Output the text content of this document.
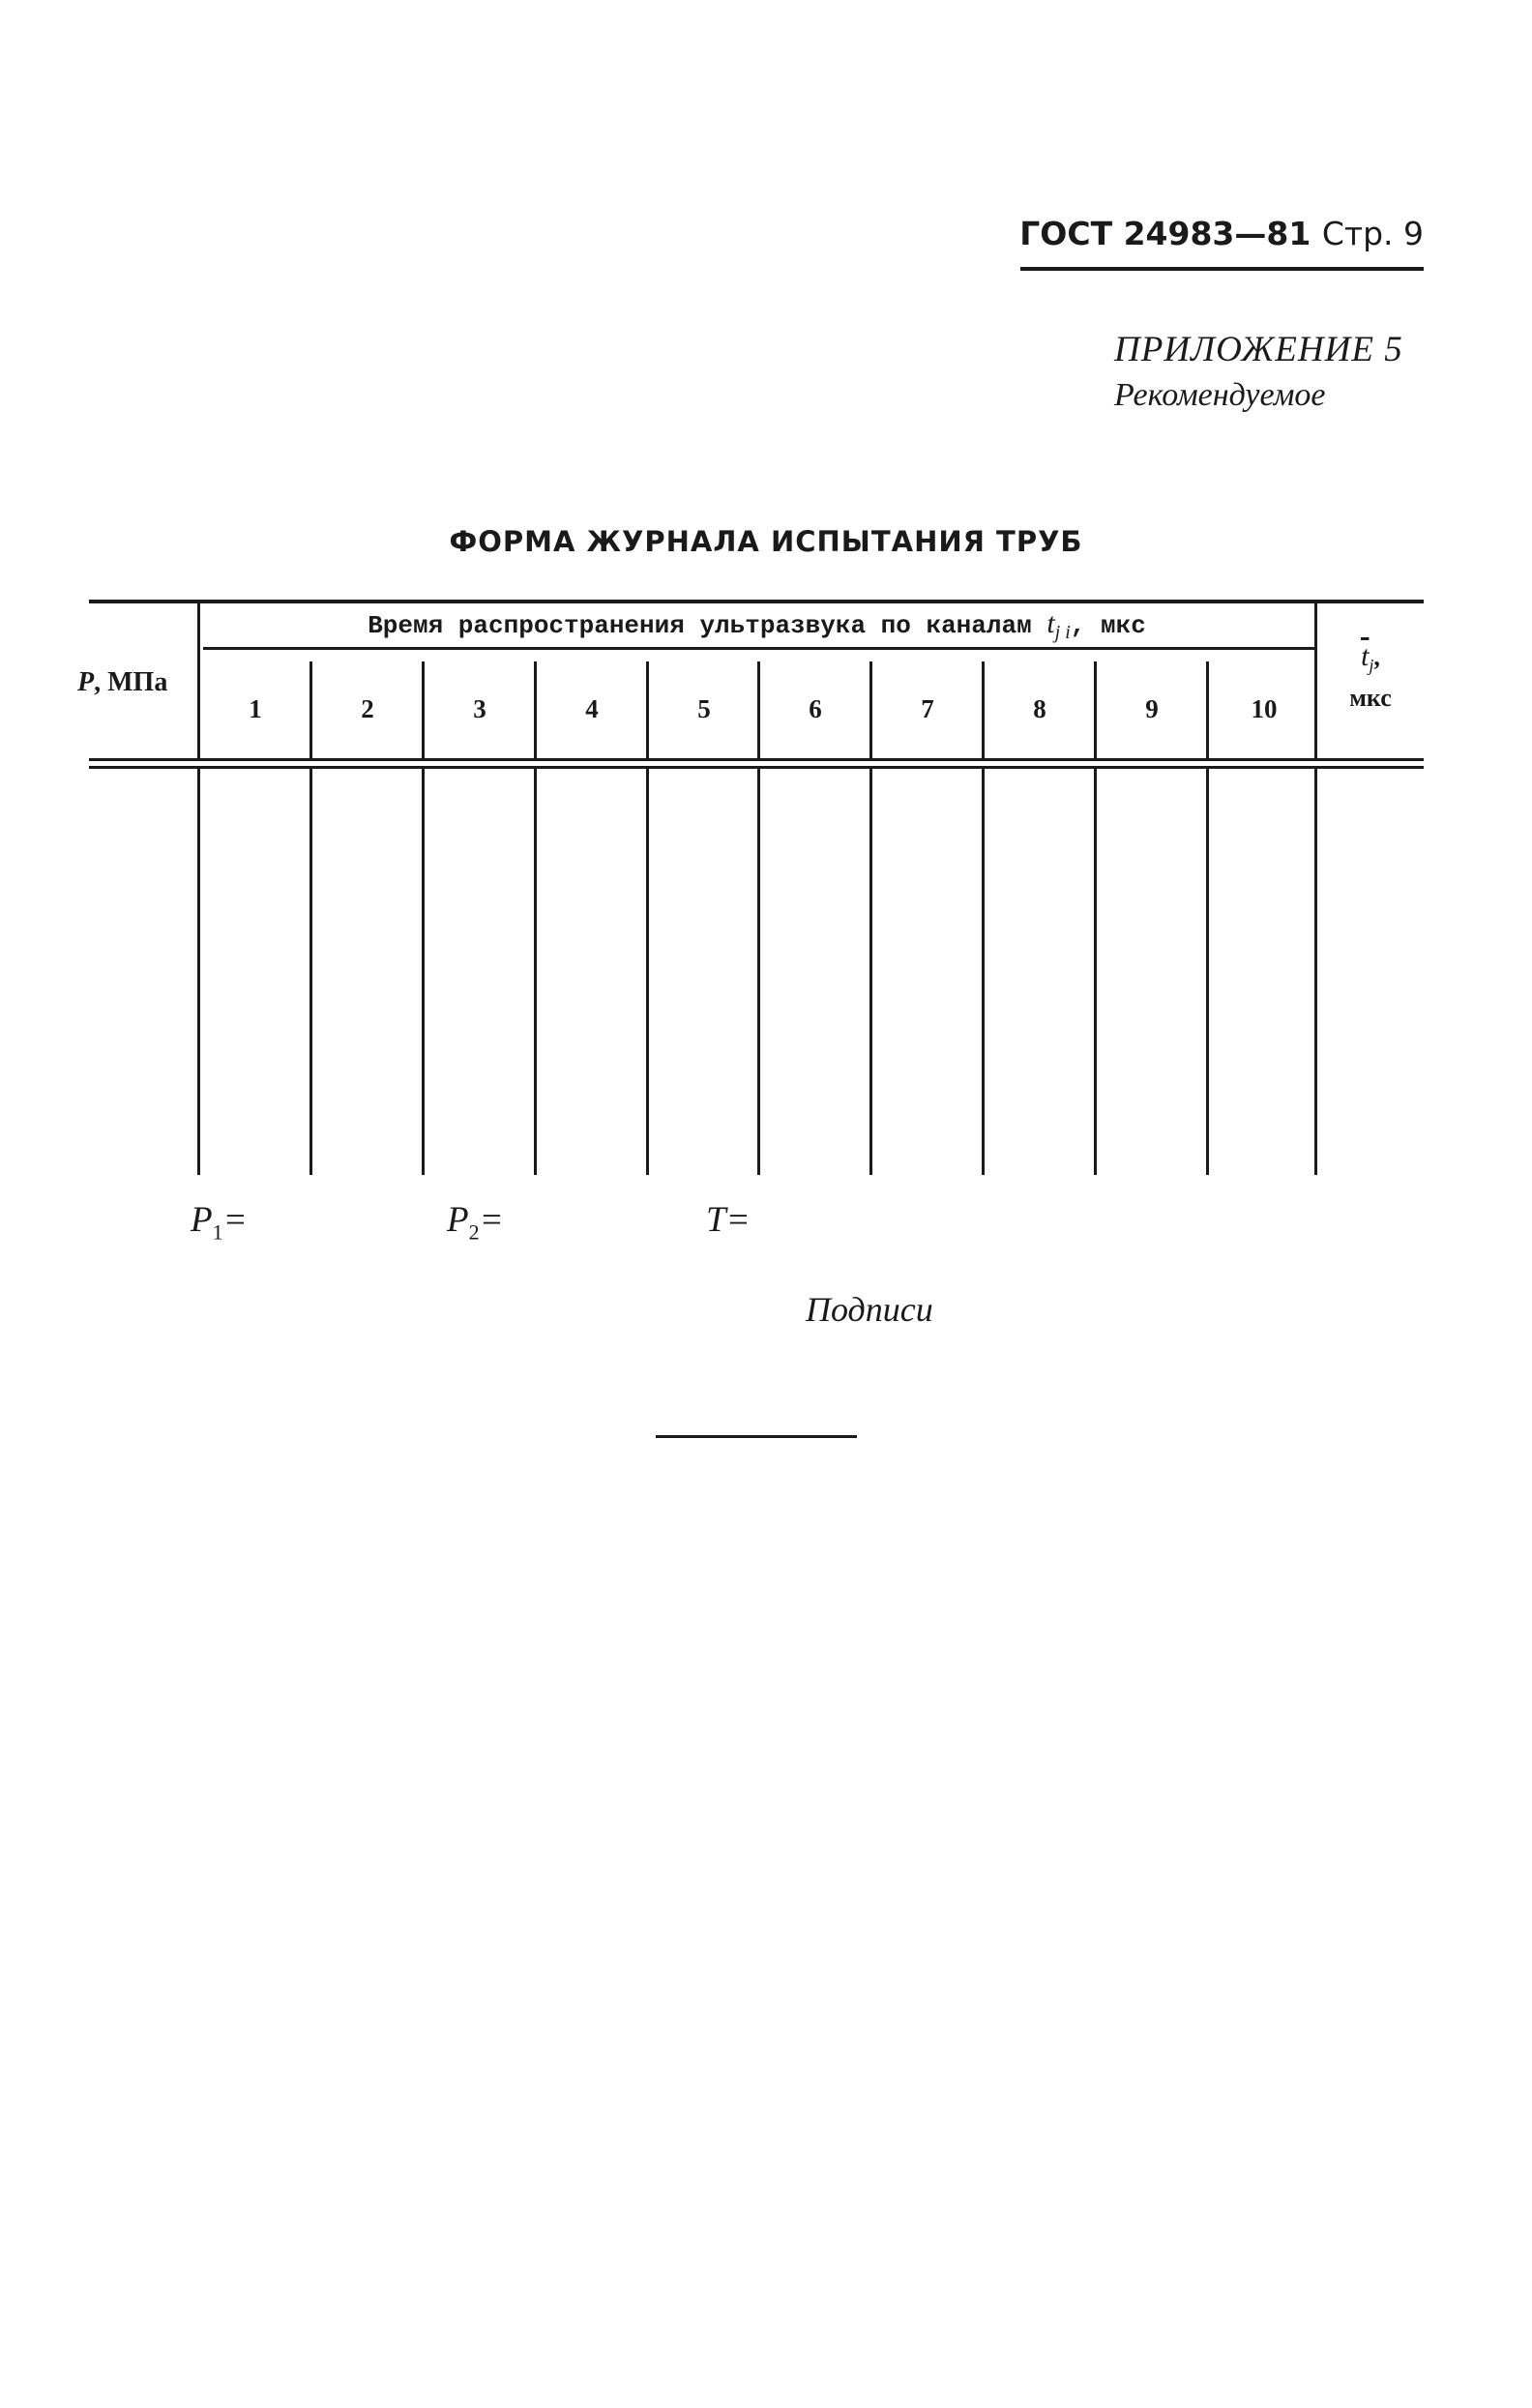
ГОСТ 24983—81 Стр. 9
ПРИЛОЖЕНИЕ 5
Рекомендуемое
ФОРМА ЖУРНАЛА ИСПЫТАНИЯ ТРУБ
P, МПа
Время распространения ультразвука по каналам $t_{j i}$, мкс
1	2	3	4	5	6	7	8	9	10
$\overline{t}_j$,
мкс
$P_1=$	$P_2=$	T=
Подписи
